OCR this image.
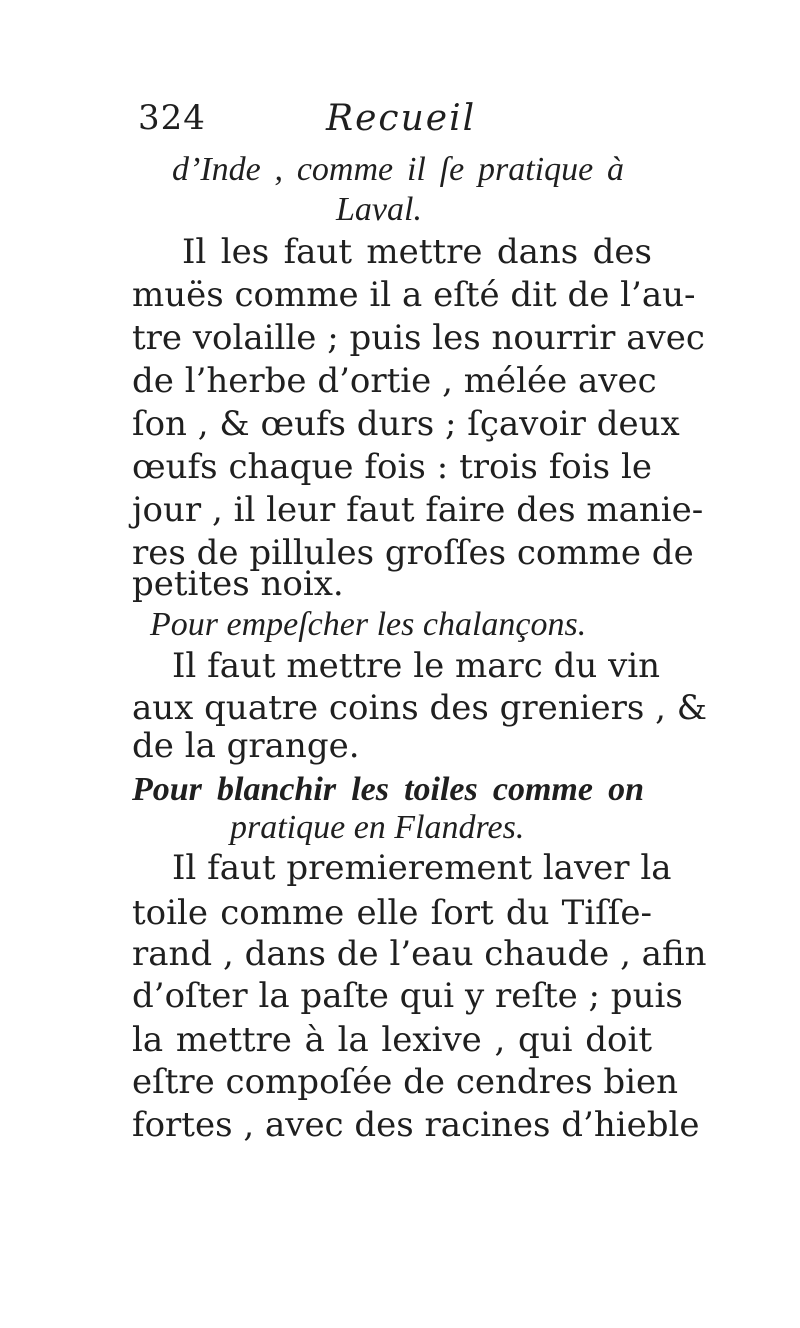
324	Recueil
d’Inde , comme il ſe pratique à
Laval.
Il les faut mettre dans des
muës comme il a eſté dit de l’au-
tre volaille ; puis les nourrir avec
de l’herbe d’ortie , mélée avec
ſon , & œufs durs ; ſçavoir deux
œufs chaque fois : trois fois le
jour , il leur faut faire des manie-
res de pillules groſſes comme de
petites noix.
Pour empeſcher les chalançons.
Il faut mettre le marc du vin
aux quatre coins des greniers , &
de la grange.
Pour blanchir les toiles comme on
pratique en Flandres.
Il faut premierement laver la
toile comme elle ſort du Tiſſe-
rand , dans de l’eau chaude , afin
d’oſter la paſte qui y reſte ; puis
la mettre à la lexive , qui doit
eſtre compoſée de cendres bien
fortes , avec des racines d’hieble
